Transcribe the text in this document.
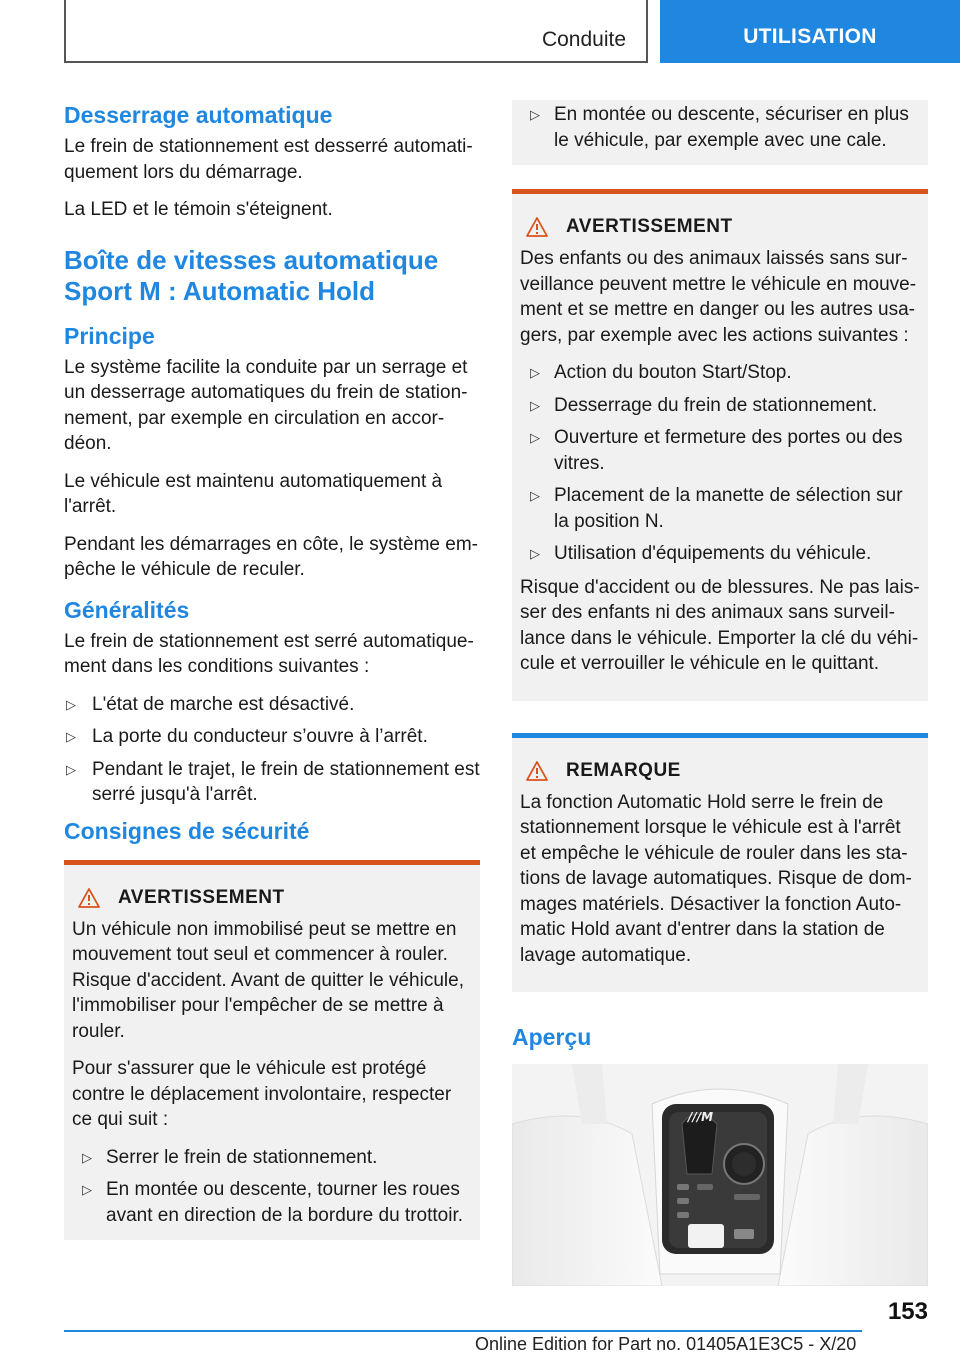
Conduite	UTILISATION
Desserrage automatique

Le frein de stationnement est desserré automatiquement lors du démarrage.

La LED et le témoin s'éteignent.

Boîte de vitesses automatique Sport M : Automatic Hold
Principe

Le système facilite la conduite par un serrage et un desserrage automatiques du frein de stationnement, par exemple en circulation en accordéon.

Le véhicule est maintenu automatiquement à l'arrêt.

Pendant les démarrages en côte, le système empêche le véhicule de reculer.

Généralités

Le frein de stationnement est serré automatiquement dans les conditions suivantes :

▷ L'état de marche est désactivé.
▷ La porte du conducteur s’ouvre à l’arrêt.
▷ Pendant le trajet, le frein de stationnement est serré jusqu'à l'arrêt.
Consignes de sécurité
AVERTISSEMENT

Un véhicule non immobilisé peut se mettre en mouvement tout seul et commencer à rouler. Risque d'accident. Avant de quitter le véhicule, l'immobiliser pour l'empêcher de se mettre à rouler.

Pour s'assurer que le véhicule est protégé contre le déplacement involontaire, respecter ce qui suit :

▷ Serrer le frein de stationnement.
▷ En montée ou descente, tourner les roues avant en direction de la bordure du trottoir.
▷ En montée ou descente, sécuriser en plus le véhicule, par exemple avec une cale.
AVERTISSEMENT

Des enfants ou des animaux laissés sans surveillance peuvent mettre le véhicule en mouvement et se mettre en danger ou les autres usagers, par exemple avec les actions suivantes :

▷ Action du bouton Start/Stop.
▷ Desserrage du frein de stationnement.
▷ Ouverture et fermeture des portes ou des vitres.
▷ Placement de la manette de sélection sur la position N.
▷ Utilisation d'équipements du véhicule.

Risque d'accident ou de blessures. Ne pas laisser des enfants ni des animaux sans surveillance dans le véhicule. Emporter la clé du véhicule et verrouiller le véhicule en le quittant.

REMARQUE

La fonction Automatic Hold serre le frein de stationnement lorsque le véhicule est à l'arrêt et empêche le véhicule de rouler dans les stations de lavage automatiques. Risque de dommages matériels. Désactiver la fonction Automatic Hold avant d'entrer dans la station de lavage automatique.

Aperçu
///M
153
Online Edition for Part no. 01405A1E3C5 - X/20
